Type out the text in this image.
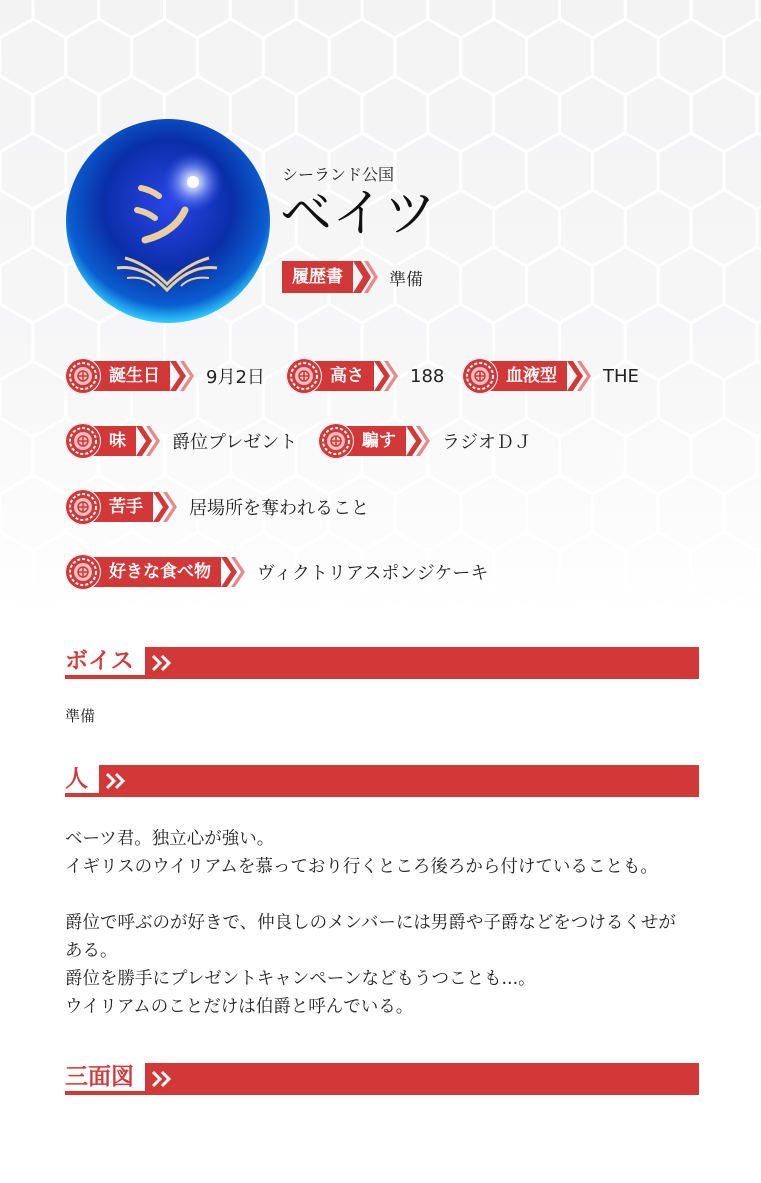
シーランド公国
ベイツ
履歴書	準備
誕生日	9月2日	高さ	188	血液型	THE
味	爵位プレゼント	騙す	ラジオＤＪ
苦手	居場所を奪われること
好きな食べ物	ヴィクトリアスポンジケーキ
ボイス
準備
人

ベーツ君。独立心が強い。

イギリスのウイリアムを慕っており行くところ後ろから付けていることも。

爵位で呼ぶのが好きで、仲良しのメンバーには男爵や子爵などをつけるくせが

ある。

爵位を勝手にプレゼントキャンペーンなどもうつことも...。

ウイリアムのことだけは伯爵と呼んでいる。

三面図
